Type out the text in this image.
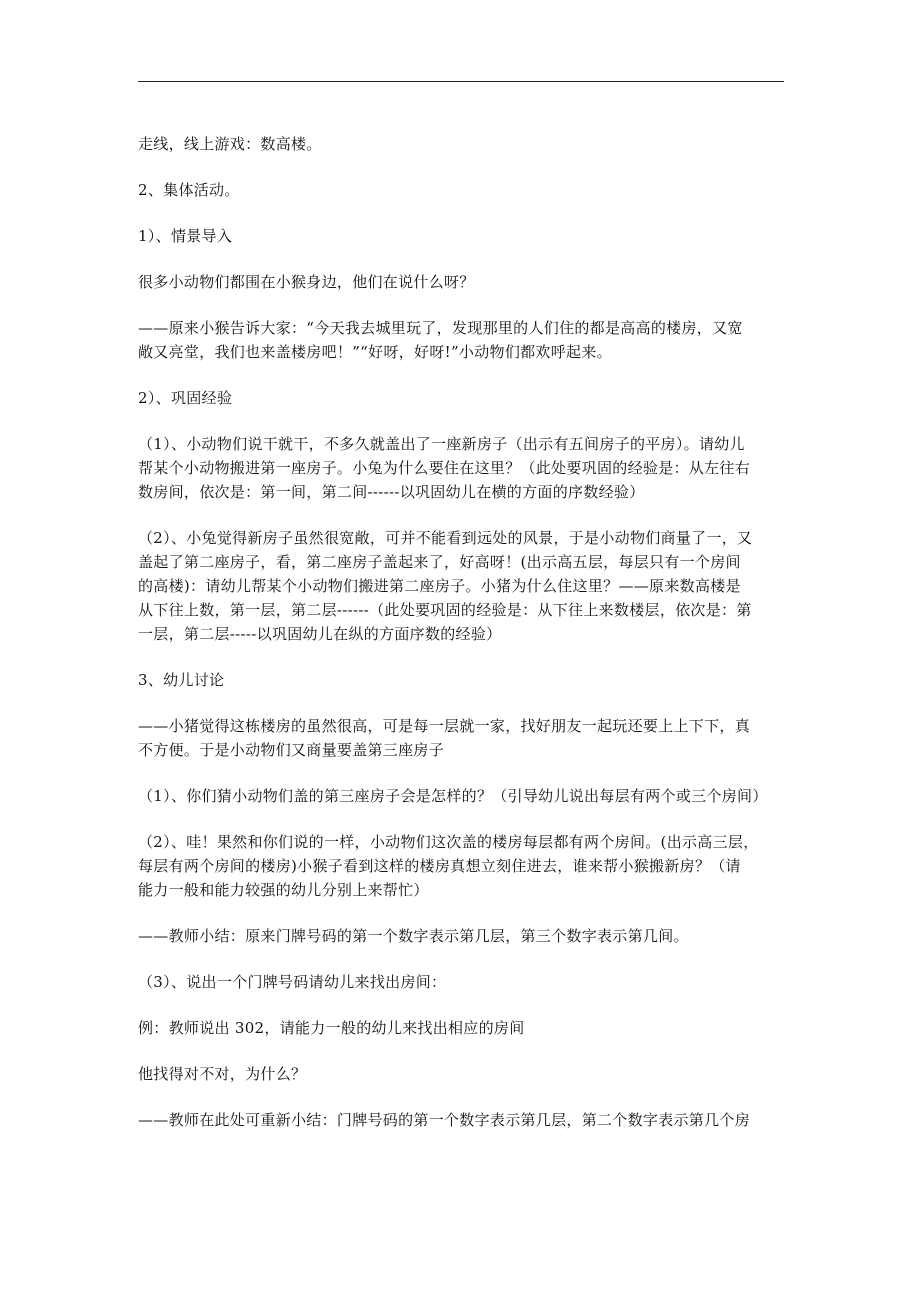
走线，线上游戏：数高楼。

2、集体活动。

1）、情景导入

很多小动物们都围在小猴身边，他们在说什么呀？

——原来小猴告诉大家：“今天我去城里玩了，发现那里的人们住的都是高高的楼房，又宽
敞又亮堂，我们也来盖楼房吧！”“好呀，好呀!”小动物们都欢呼起来。

2）、巩固经验

（1）、小动物们说干就干，不多久就盖出了一座新房子（出示有五间房子的平房）。请幼儿
帮某个小动物搬进第一座房子。小兔为什么要住在这里？（此处要巩固的经验是：从左往右
数房间，依次是：第一间，第二间------以巩固幼儿在横的方面的序数经验）

（2）、小兔觉得新房子虽然很宽敞，可并不能看到远处的风景，于是小动物们商量了一，又
盖起了第二座房子，看，第二座房子盖起来了，好高呀！(出示高五层，每层只有一个房间
的高楼)：请幼儿帮某个小动物们搬进第二座房子。小猪为什么住这里？——原来数高楼是
从下往上数，第一层，第二层------（此处要巩固的经验是：从下往上来数楼层，依次是：第
一层，第二层-----以巩固幼儿在纵的方面序数的经验）

3、幼儿讨论

——小猪觉得这栋楼房的虽然很高，可是每一层就一家，找好朋友一起玩还要上上下下，真
不方便。于是小动物们又商量要盖第三座房子

（1）、你们猜小动物们盖的第三座房子会是怎样的？（引导幼儿说出每层有两个或三个房间）

（2）、哇！果然和你们说的一样，小动物们这次盖的楼房每层都有两个房间。(出示高三层，
每层有两个房间的楼房)小猴子看到这样的楼房真想立刻住进去，谁来帮小猴搬新房？（请
能力一般和能力较强的幼儿分别上来帮忙）

——教师小结：原来门牌号码的第一个数字表示第几层，第三个数字表示第几间。

（3）、说出一个门牌号码请幼儿来找出房间：

例：教师说出 302，请能力一般的幼儿来找出相应的房间

他找得对不对，为什么？

——教师在此处可重新小结：门牌号码的第一个数字表示第几层，第二个数字表示第几个房
